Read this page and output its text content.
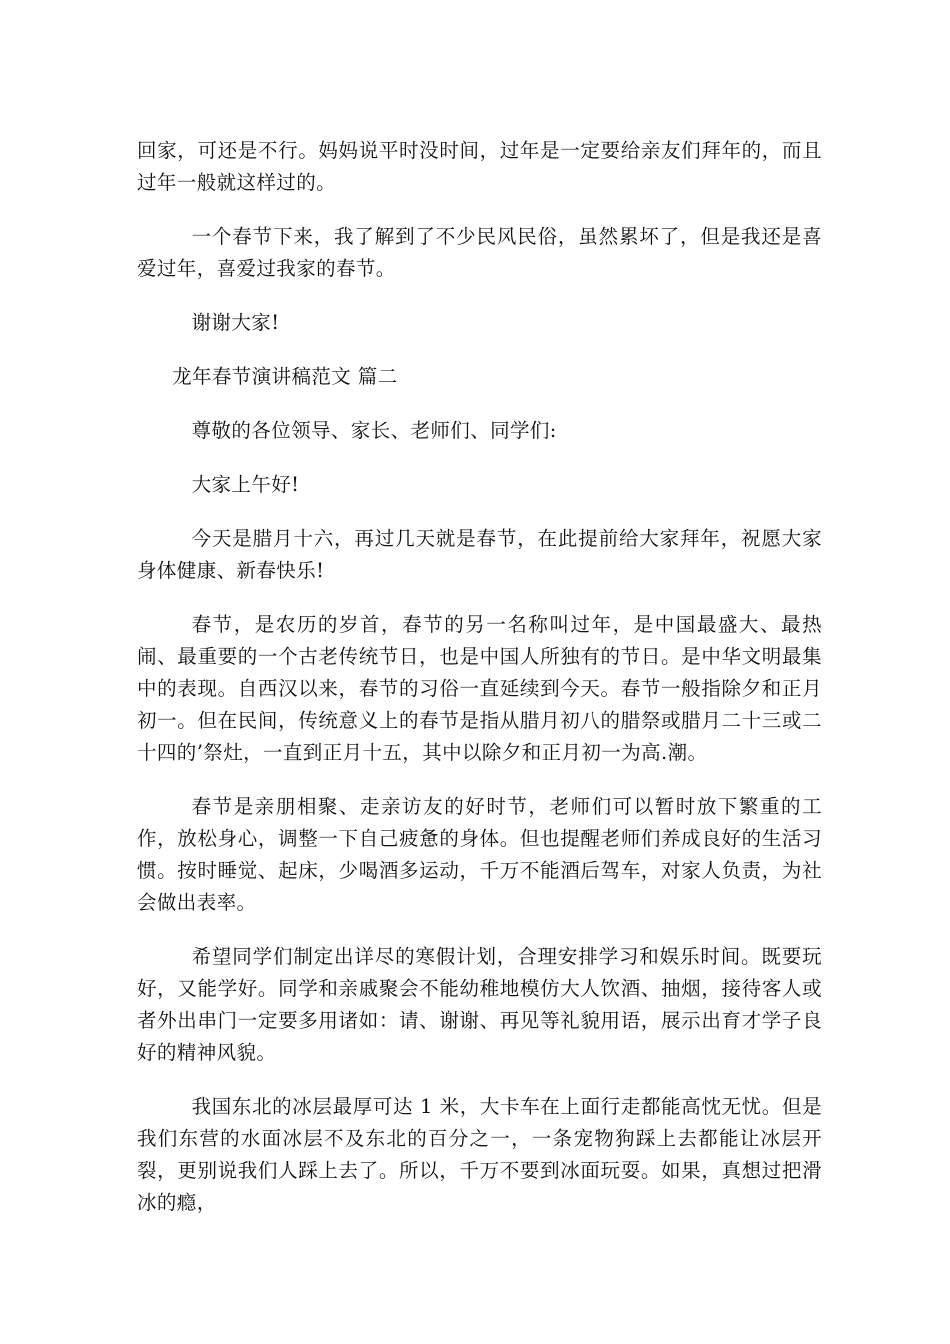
回家，可还是不行。妈妈说平时没时间，过年是一定要给亲友们拜年的，而且过年一般就这样过的。

一个春节下来，我了解到了不少民风民俗，虽然累坏了，但是我还是喜爱过年，喜爱过我家的春节。

谢谢大家!

龙年春节演讲稿范文 篇二

尊敬的各位领导、家长、老师们、同学们:

大家上午好!

今天是腊月十六，再过几天就是春节，在此提前给大家拜年，祝愿大家身体健康、新春快乐!

春节，是农历的岁首，春节的另一名称叫过年，是中国最盛大、最热闹、最重要的一个古老传统节日，也是中国人所独有的节日。是中华文明最集中的表现。自西汉以来，春节的习俗一直延续到今天。春节一般指除夕和正月初一。但在民间，传统意义上的春节是指从腊月初八的腊祭或腊月二十三或二十四的’祭灶，一直到正月十五，其中以除夕和正月初一为高.潮。

春节是亲朋相聚、走亲访友的好时节，老师们可以暂时放下繁重的工作，放松身心，调整一下自己疲惫的身体。但也提醒老师们养成良好的生活习惯。按时睡觉、起床，少喝酒多运动，千万不能酒后驾车，对家人负责，为社会做出表率。

希望同学们制定出详尽的寒假计划，合理安排学习和娱乐时间。既要玩好，又能学好。同学和亲戚聚会不能幼稚地模仿大人饮酒、抽烟，接待客人或者外出串门一定要多用诸如：请、谢谢、再见等礼貌用语，展示出育才学子良好的精神风貌。

我国东北的冰层最厚可达 1 米，大卡车在上面行走都能高忱无忧。但是我们东营的水面冰层不及东北的百分之一，一条宠物狗踩上去都能让冰层开裂，更别说我们人踩上去了。所以，千万不要到冰面玩耍。如果，真想过把滑冰的瘾，
